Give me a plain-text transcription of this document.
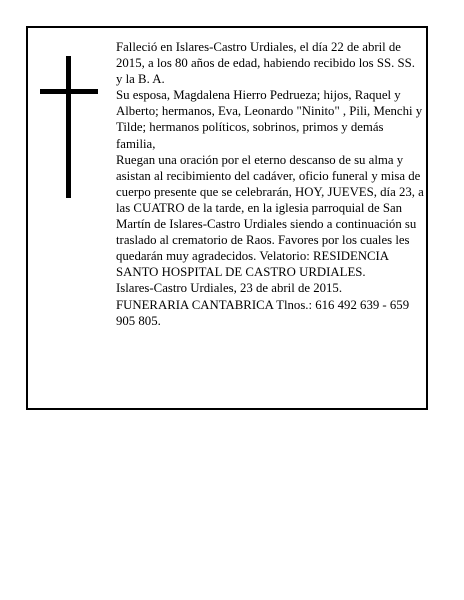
Falleció en Islares-Castro Urdiales, el día 22 de abril de 2015, a los 80 años de edad, habiendo recibido los SS. SS. y la B. A.

Su esposa, Magdalena Hierro Pedrueza; hijos, Raquel y Alberto; hermanos, Eva, Leonardo "Ninito" , Pili, Menchi y Tilde; hermanos políticos, sobrinos, primos y demás familia,

Ruegan una oración por el eterno descanso de su alma y asistan al recibimiento del cadáver, oficio funeral y misa de cuerpo presente que se celebrarán, HOY, JUEVES, día 23, a las CUATRO de la tarde, en la iglesia parroquial de San Martín de Islares-Castro Urdiales siendo a continuación su traslado al crematorio de Raos. Favores por los cuales les quedarán muy agradecidos. Velatorio: RESIDENCIA SANTO HOSPITAL DE CASTRO URDIALES.

Islares-Castro Urdiales, 23 de abril de 2015.

FUNERARIA CANTABRICA Tlnos.: 616 492 639 - 659 905 805.
